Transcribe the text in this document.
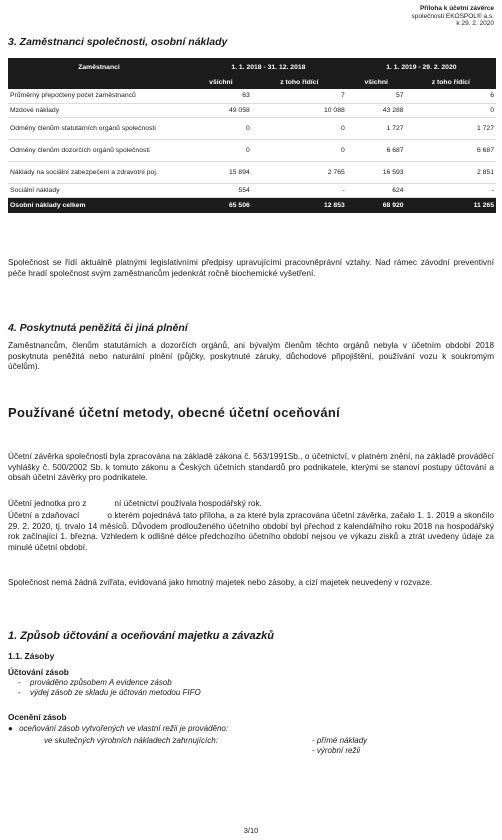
Příloha k účetní závěrce
společnosti EKOSPOL® a.s.
k 29. 2. 2020
3. Zaměstnanci společnosti, osobní náklady
Zaměstnanci	1. 1. 2018 - 31. 12. 2018		1. 1. 2019 - 29. 2. 2020	
	všichni	z toho řídící	všichni	z toho řídící
Průměrný přepočtený počet zaměstnanců	63	7	57	6
Mzdové náklady	49 058	10 088	43 288	0
Odměny členům statutárních orgánů společnosti	0	0	1 727	1 727
Odměny členům dozorčích orgánů společnosti	0	0	6 687	6 687
Náklady na sociální zabezpečení a zdravotní poj.	15 894	2 765	16 593	2 851
Sociální náklady	554	-	624	-
Osobní náklady celkem	65 506	12 853	68 920	11 265

Společnost se řídí aktuálně platnými legislativními předpisy upravujícími pracovněprávní vztahy. Nad rámec závodní preventivní péče hradí společnost svým zaměstnancům jedenkrát ročně biochemické vyšetření.

4. Poskytnutá peněžitá či jiná plnění

Zaměstnancům, členům statutárních a dozorčích orgánů, ani bývalým členům těchto orgánů nebyla v účetním období 2018 poskytnuta peněžitá nebo naturální plnění (půjčky, poskytnuté záruky, důchodové připojištění, používání vozu k soukromým účelům).

Používané účetní metody, obecné účetní oceňování

Účetní závěrka společnosti byla zpracována na základě zákona č. 563/1991Sb., o účetnictví, v platném znění, na základě prováděcí vyhlášky č. 500/2002 Sb. k tomuto zákonu a Českých účetních standardů pro podnikatele, kterými se stanoví postupy účtování a obsah účetní závěrky pro podnikatele.

Účetní jednotka pro z	ní účetnictví používala hospodářský rok.

Účetní a zdaňovací	o kterém pojednává tato příloha, a za které byla zpracována účetní závěrka, začalo 1. 1. 2019 a skončilo 29. 2. 2020, tj. trvalo 14 měsíců. Důvodem prodlouženého účetního období byl přechod z kalendářního roku 2018 na hospodářský rok začínající 1. března. Vzhledem k odlišné délce předchozího účetního období nejsou ve výkazu zisků a ztrát uvedeny údaje za minulé účetní období.

Společnost nemá žádná zvířata, evidovaná jako hmotný majetek nebo zásoby, a cizí majetek neuvedený v rozvaze.

1. Způsob účtování a oceňování majetku a závazků
1.1. Zásoby
Účtování zásob
- prováděno způsobem A evidence zásob
- výdej zásob ze skladu je účtován metodou FIFO
Ocenění zásob
● oceňování zásob vytvořených ve vlastní režii je prováděno:
ve skutečných výrobních nákladech zahrnujících:	- přímé náklady
- výrobní režii
3/10
